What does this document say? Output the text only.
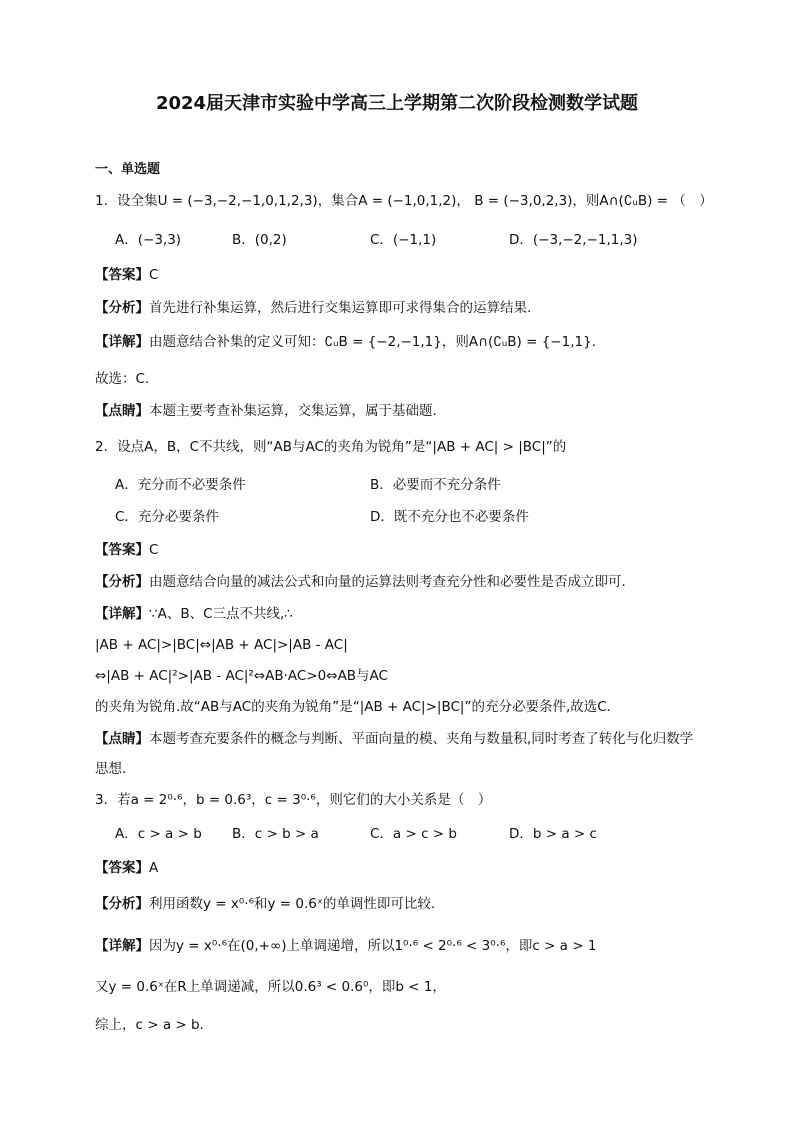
2024届天津市实验中学高三上学期第二次阶段检测数学试题
一、单选题
1．设全集U = (−3,−2,−1,0,1,2,3)，集合A = (−1,0,1,2)， B = (−3,0,2,3)，则A∩(∁ᵤB) = （　）
A．(−3,3)	B．(0,2)	C．(−1,1)	D．(−3,−2,−1,1,3)
【答案】C
【分析】首先进行补集运算，然后进行交集运算即可求得集合的运算结果.
【详解】由题意结合补集的定义可知：∁ᵤB = {−2,−1,1}，则A∩(∁ᵤB) = {−1,1}.
故选：C.
【点睛】本题主要考查补集运算，交集运算，属于基础题.
2．设点A，B，C不共线，则“AB与AC的夹角为锐角”是“|AB + AC| > |BC|”的
A．充分而不必要条件	B．必要而不充分条件
C．充分必要条件	D．既不充分也不必要条件
【答案】C
【分析】由题意结合向量的减法公式和向量的运算法则考查充分性和必要性是否成立即可.
【详解】∵A、B、C三点不共线,∴
|AB + AC|>|BC|⇔|AB + AC|>|AB - AC|
⇔|AB + AC|²>|AB - AC|²⇔AB·AC>0⇔AB与AC
的夹角为锐角.故“AB与AC的夹角为锐角”是“|AB + AC|>|BC|”的充分必要条件,故选C.
【点睛】本题考查充要条件的概念与判断、平面向量的模、夹角与数量积,同时考查了转化与化归数学
思想.
3．若a = 2⁰·⁶，b = 0.6³，c = 3⁰·⁶，则它们的大小关系是（　）
A．c > a > b B．c > b > a	C．a > c > b	D．b > a > c
【答案】A
【分析】利用函数y = x⁰·⁶和y = 0.6ˣ的单调性即可比较.
【详解】因为y = x⁰·⁶在(0,+∞)上单调递增，所以1⁰·⁶ < 2⁰·⁶ < 3⁰·⁶，即c > a > 1
又y = 0.6ˣ在R上单调递减，所以0.6³ < 0.6⁰，即b < 1，
综上，c > a > b.
